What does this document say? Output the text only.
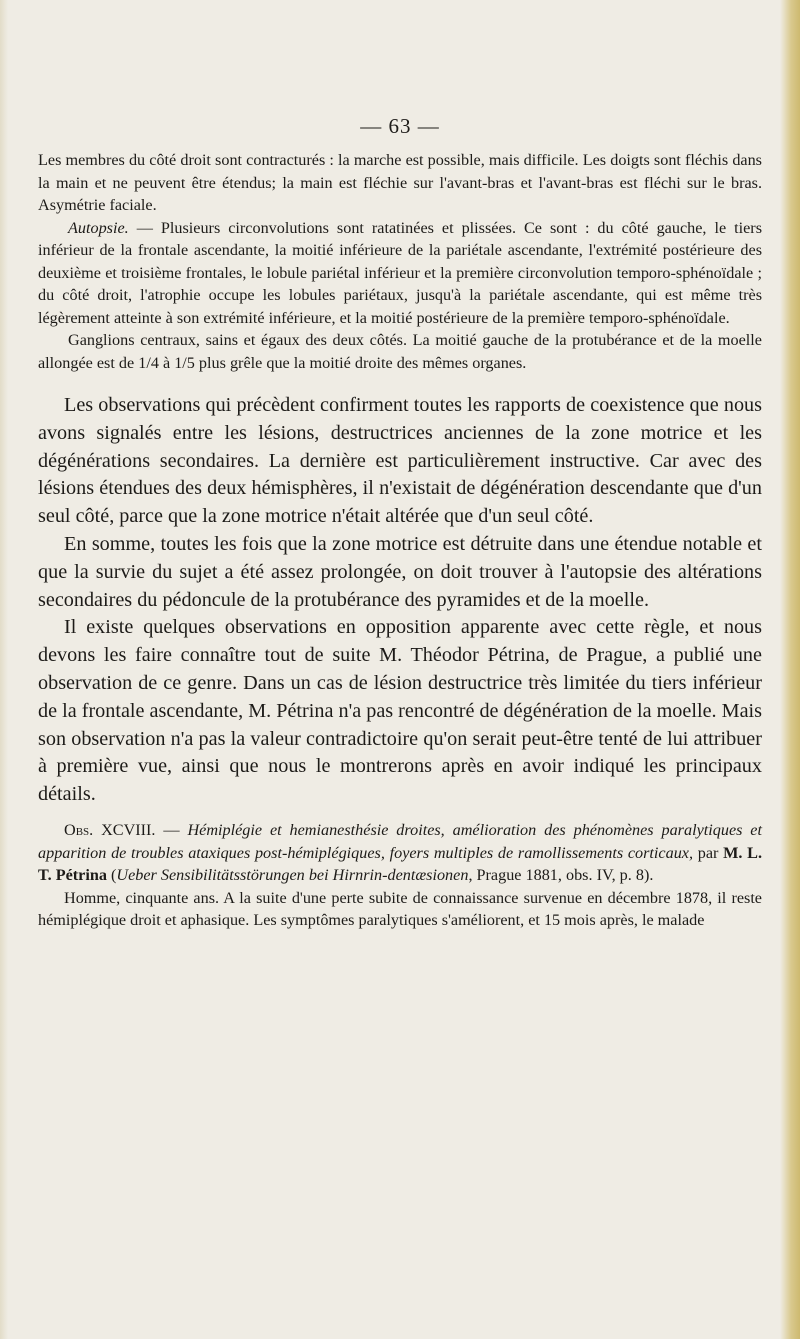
— 63 —

Les membres du côté droit sont contracturés : la marche est possible, mais difficile. Les doigts sont fléchis dans la main et ne peuvent être étendus; la main est fléchie sur l'avant-bras et l'avant-bras est fléchi sur le bras. Asymétrie faciale.

Autopsie. — Plusieurs circonvolutions sont ratatinées et plissées. Ce sont : du côté gauche, le tiers inférieur de la frontale ascendante, la moitié inférieure de la pariétale ascendante, l'extrémité postérieure des deuxième et troisième frontales, le lobule pariétal inférieur et la première circonvolution temporo-sphénoïdale ; du côté droit, l'atrophie occupe les lobules pariétaux, jusqu'à la pariétale ascendante, qui est même très légèrement atteinte à son extrémité inférieure, et la moitié postérieure de la première temporo-sphénoïdale.

Ganglions centraux, sains et égaux des deux côtés. La moitié gauche de la protubérance et de la moelle allongée est de 1/4 à 1/5 plus grêle que la moitié droite des mêmes organes.

Les observations qui précèdent confirment toutes les rapports de coexistence que nous avons signalés entre les lésions, destructrices anciennes de la zone motrice et les dégénérations secondaires. La dernière est particulièrement instructive. Car avec des lésions étendues des deux hémisphères, il n'existait de dégénération descendante que d'un seul côté, parce que la zone motrice n'était altérée que d'un seul côté.

En somme, toutes les fois que la zone motrice est détruite dans une étendue notable et que la survie du sujet a été assez prolongée, on doit trouver à l'autopsie des altérations secondaires du pédoncule de la protubérance des pyramides et de la moelle.

Il existe quelques observations en opposition apparente avec cette règle, et nous devons les faire connaître tout de suite M. Théodor Pétrina, de Prague, a publié une observation de ce genre. Dans un cas de lésion destructrice très limitée du tiers inférieur de la frontale ascendante, M. Pétrina n'a pas rencontré de dégénération de la moelle. Mais son observation n'a pas la valeur contradictoire qu'on serait peut-être tenté de lui attribuer à première vue, ainsi que nous le montrerons après en avoir indiqué les principaux détails.

Obs. XCVIII. — Hémiplégie et hemianesthésie droites, amélioration des phénomènes paralytiques et apparition de troubles ataxiques post-hémiplégiques, foyers multiples de ramollissements corticaux, par M. L. T. Pétrina (Ueber Sensibilitätsstörungen bei Hirnrin-dentæsionen, Prague 1881, obs. IV, p. 8).

Homme, cinquante ans. A la suite d'une perte subite de connaissance survenue en décembre 1878, il reste hémiplégique droit et aphasique. Les symptômes paralytiques s'améliorent, et 15 mois après, le malade
